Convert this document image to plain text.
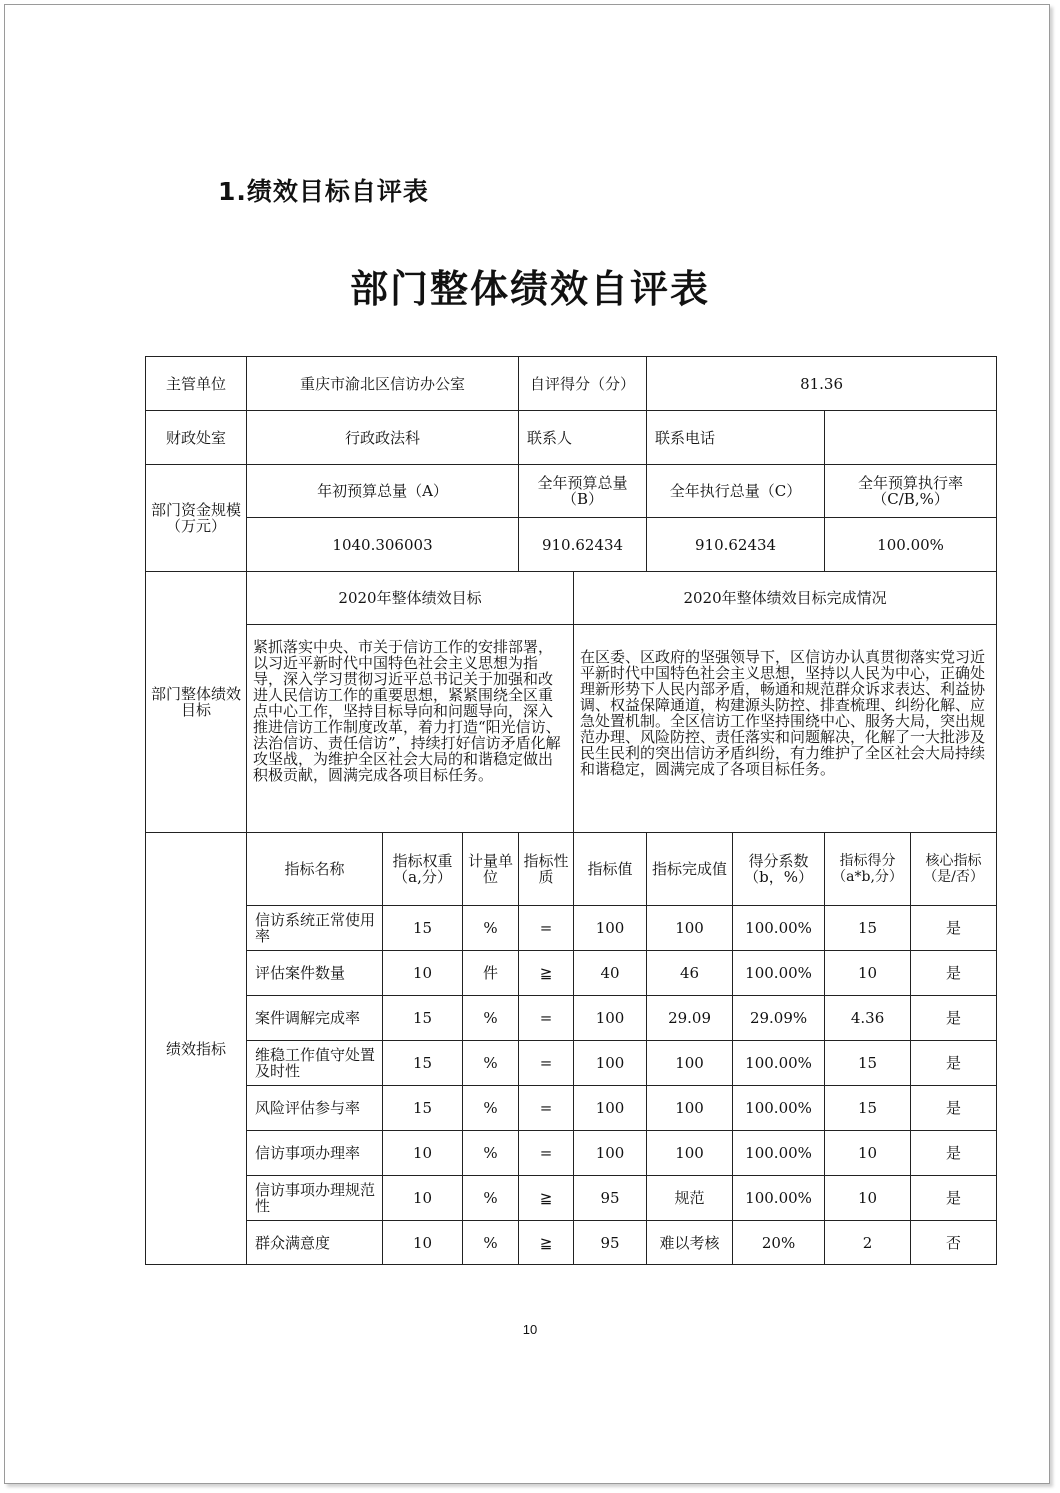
1.绩效目标自评表
部门整体绩效自评表
主管单位	重庆市渝北区信访办公室			自评得分（分）		81.36			
财政处室	行政政法科			联系人		联系电话			
部门资金规模（万元）	年初预算总量（A）			全年预算总量（B）		全年执行总量（C）		全年预算执行率（C/B,%）	
	1040.306003			910.62434		910.62434		100.00%	
部门整体绩效目标	2020年整体绩效目标				2020年整体绩效目标完成情况				
	紧抓落实中央、市关于信访工作的安排部署，以习近平新时代中国特色社会主义思想为指导，深入学习贯彻习近平总书记关于加强和改进人民信访工作的重要思想，紧紧围绕全区重点中心工作，坚持目标导向和问题导向，深入推进信访工作制度改革，着力打造“阳光信访、法治信访、责任信访”，持续打好信访矛盾化解攻坚战，为维护全区社会大局的和谐稳定做出积极贡献，圆满完成各项目标任务。				在区委、区政府的坚强领导下，区信访办认真贯彻落实党习近平新时代中国特色社会主义思想，坚持以人民为中心，正确处理新形势下人民内部矛盾，畅通和规范群众诉求表达、利益协调、权益保障通道，构建源头防控、排查梳理、纠纷化解、应急处置机制。全区信访工作坚持围绕中心、服务大局，突出规范办理、风险防控、责任落实和问题解决，化解了一大批涉及民生民利的突出信访矛盾纠纷，有力维护了全区社会大局持续和谐稳定，圆满完成了各项目标任务。				
绩效指标	指标名称	指标权重（a,分）	计量单位	指标性质	指标值	指标完成值	得分系数（b，%）	指标得分（a*b,分）	核心指标（是/否）
	信访系统正常使用率	15	%	=	100	100	100.00%	15	是
	评估案件数量	10	件	≧	40	46	100.00%	10	是
	案件调解完成率	15	%	=	100	29.09	29.09%	4.36	是
	维稳工作值守处置及时性	15	%	=	100	100	100.00%	15	是
	风险评估参与率	15	%	=	100	100	100.00%	15	是
	信访事项办理率	10	%	=	100	100	100.00%	10	是
	信访事项办理规范性	10	%	≧	95	规范	100.00%	10	是
	群众满意度	10	%	≧	95	难以考核	20%	2	否
10
